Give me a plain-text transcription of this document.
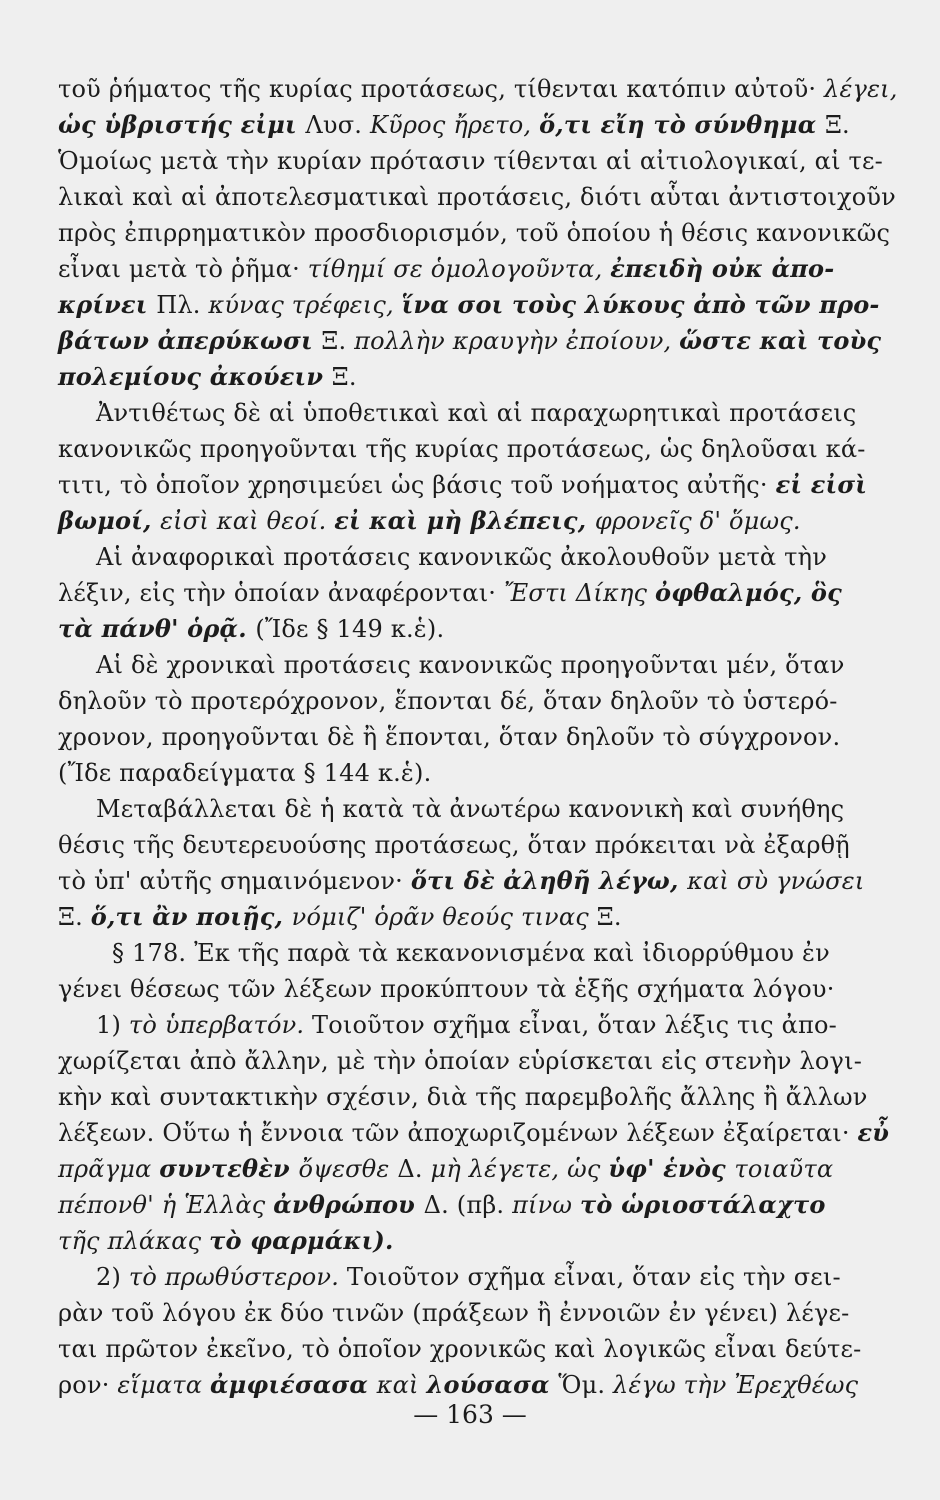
τοῦ ῥήματος τῆς κυρίας προτάσεως, τίθενται κατόπιν αὐτοῦ· λέγει,
ὡς ὑβριστής εἰμι Λυσ. Κῦρος ἤρετο, ὅ,τι εἴη τὸ σύνθημα Ξ.
Ὁμοίως μετὰ τὴν κυρίαν πρότασιν τίθενται αἱ αἰτιολογικαί, αἱ τε-
λικαὶ καὶ αἱ ἀποτελεσματικαὶ προτάσεις, διότι αὗται ἀντιστοιχοῦν
πρὸς ἐπιρρηματικὸν προσδιορισμόν, τοῦ ὁποίου ἡ θέσις κανονικῶς
εἶναι μετὰ τὸ ῥῆμα· τίθημί σε ὁμολογοῦντα, ἐπειδὴ οὐκ ἀπο-
κρίνει Πλ. κύνας τρέφεις, ἵνα σοι τοὺς λύκους ἀπὸ τῶν προ-
βάτων ἀπερύκωσι Ξ. πολλὴν κραυγὴν ἐποίουν, ὥστε καὶ τοὺς
πολεμίους ἀκούειν Ξ.
Ἀντιθέτως δὲ αἱ ὑποθετικαὶ καὶ αἱ παραχωρητικαὶ προτάσεις
κανονικῶς προηγοῦνται τῆς κυρίας προτάσεως, ὡς δηλοῦσαι κά-
τιτι, τὸ ὁποῖον χρησιμεύει ὡς βάσις τοῦ νοήματος αὐτῆς· εἰ εἰσὶ
βωμοί, εἰσὶ καὶ θεοί. εἰ καὶ μὴ βλέπεις, φρονεῖς δ' ὅμως.
Αἱ ἀναφορικαὶ προτάσεις κανονικῶς ἀκολουθοῦν μετὰ τὴν
λέξιν, εἰς τὴν ὁποίαν ἀναφέρονται· Ἔστι Δίκης ὀφθαλμός, ὃς
τὰ πάνθ' ὁρᾷ. (Ἴδε § 149 κ.ἑ).
Αἱ δὲ χρονικαὶ προτάσεις κανονικῶς προηγοῦνται μέν, ὅταν
δηλοῦν τὸ προτερόχρονον, ἕπονται δέ, ὅταν δηλοῦν τὸ ὑστερό-
χρονον, προηγοῦνται δὲ ἢ ἕπονται, ὅταν δηλοῦν τὸ σύγχρονον.
(Ἴδε παραδείγματα § 144 κ.ἑ).
Μεταβάλλεται δὲ ἡ κατὰ τὰ ἀνωτέρω κανονικὴ καὶ συνήθης
θέσις τῆς δευτερευούσης προτάσεως, ὅταν πρόκειται νὰ ἐξαρθῇ
τὸ ὑπ' αὐτῆς σημαινόμενον· ὅτι δὲ ἀληθῆ λέγω, καὶ σὺ γνώσει
Ξ. ὅ,τι ἂν ποιῇς, νόμιζ' ὁρᾶν θεούς τινας Ξ.
§ 178. Ἐκ τῆς παρὰ τὰ κεκανονισμένα καὶ ἰδιορρύθμου ἐν
γένει θέσεως τῶν λέξεων προκύπτουν τὰ ἑξῆς σχήματα λόγου·
1) τὸ ὑπερβατόν. Τοιοῦτον σχῆμα εἶναι, ὅταν λέξις τις ἀπο-
χωρίζεται ἀπὸ ἄλλην, μὲ τὴν ὁποίαν εὑρίσκεται εἰς στενὴν λογι-
κὴν καὶ συντακτικὴν σχέσιν, διὰ τῆς παρεμβολῆς ἄλλης ἢ ἄλλων
λέξεων. Οὕτω ἡ ἔννοια τῶν ἀποχωριζομένων λέξεων ἐξαίρεται· εὖ
πρᾶγμα συντεθὲν ὄψεσθε Δ. μὴ λέγετε, ὡς ὑφ' ἑνὸς τοιαῦτα
πέπονθ' ἡ Ἑλλὰς ἀνθρώπου Δ. (πβ. πίνω τὸ ὡριοστάλαχτο
τῆς πλάκας τὸ φαρμάκι).
2) τὸ πρωθύστερον. Τοιοῦτον σχῆμα εἶναι, ὅταν εἰς τὴν σει-
ρὰν τοῦ λόγου ἐκ δύο τινῶν (πράξεων ἢ ἐννοιῶν ἐν γένει) λέγε-
ται πρῶτον ἐκεῖνο, τὸ ὁποῖον χρονικῶς καὶ λογικῶς εἶναι δεύτε-
ρον· εἵματα ἀμφιέσασα καὶ λούσασα Ὅμ. λέγω τὴν Ἐρεχθέως
— 163 —
